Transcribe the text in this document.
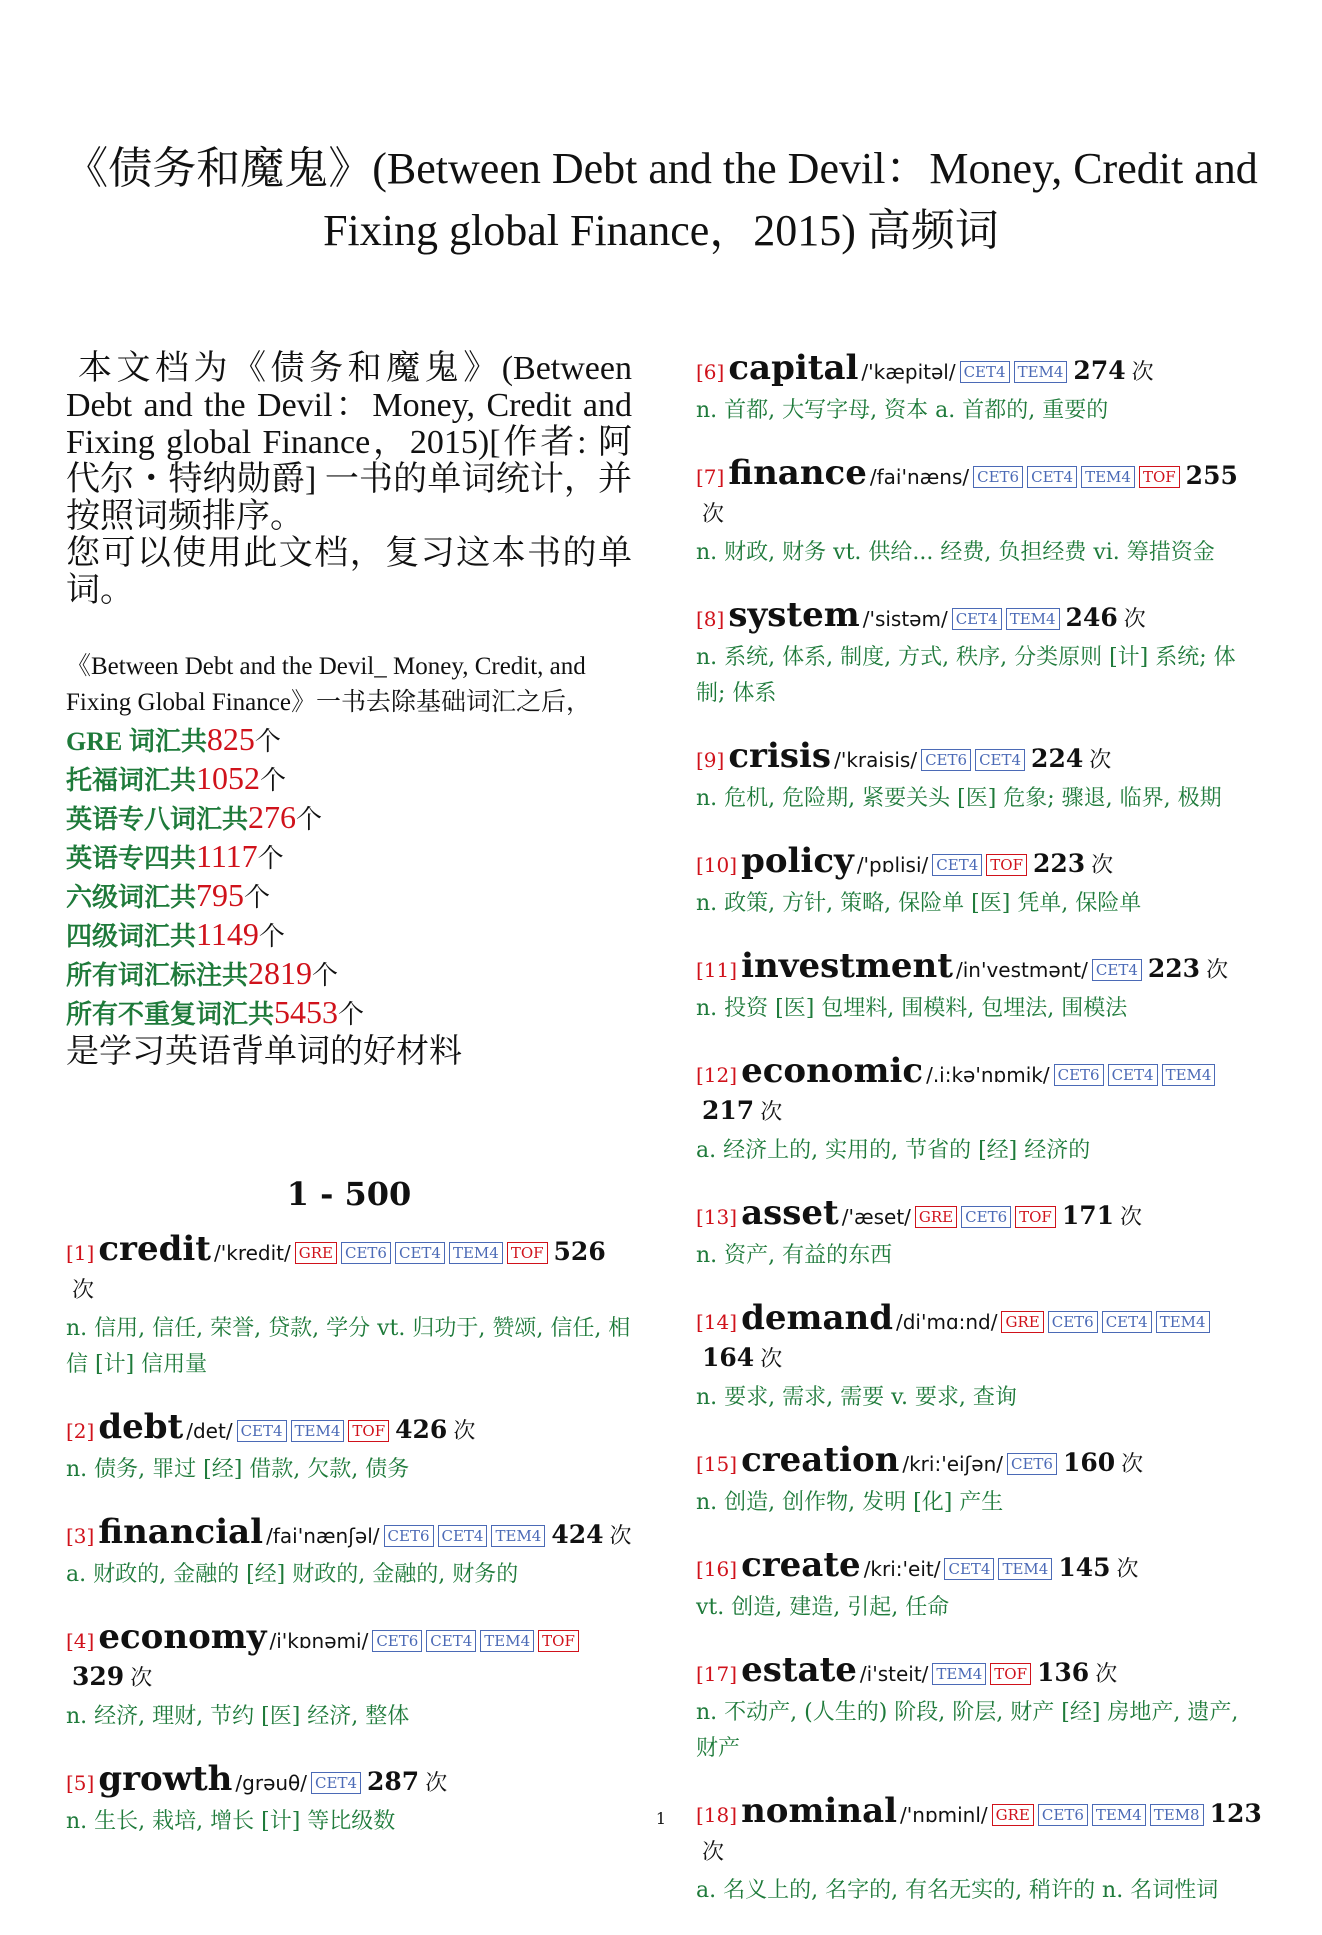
《债务和魔鬼》(Between Debt and the Devil：Money, Credit and
Fixing global Finance，2015) 高频词

本文档为《债务和魔鬼》(Between Debt and the Devil：Money, Credit and Fixing global Finance，2015)[作者: 阿代尔・特纳勋爵] 一书的单词统计，并按照词频排序。

您可以使用此文档，复习这本书的单词。

《Between Debt and the Devil_ Money, Credit, and Fixing Global Finance》一书去除基础词汇之后，
GRE 词汇共825个
托福词汇共1052个
英语专八词汇共276个
英语专四共1117个
六级词汇共795个
四级词汇共1149个
所有词汇标注共2819个
所有不重复词汇共5453个
是学习英语背单词的好材料
1 - 500
[1] credit /'kredit/ GRE CET6 CET4 TEM4 TOF 526次
n. 信用, 信任, 荣誉, 贷款, 学分 vt. 归功于, 赞颂, 信任, 相信 [计] 信用量
[2] debt /det/ CET4 TEM4 TOF 426 次
n. 债务, 罪过 [经] 借款, 欠款, 债务
[3] financial /fai'nænʃəl/ CET6 CET4 TEM4 424 次
a. 财政的, 金融的 [经] 财政的, 金融的, 财务的
[4] economy /i'kɒnəmi/ CET6 CET4 TEM4 TOF329 次
n. 经济, 理财, 节约 [医] 经济, 整体
[5] growth /grəuθ/ CET4 287 次
n. 生长, 栽培, 增长 [计] 等比级数
[6] capital /'kæpitəl/ CET4 TEM4 274 次
n. 首都, 大写字母, 资本 a. 首都的, 重要的
[7] finance /fai'næns/ CET6 CET4 TEM4 TOF 255次
n. 财政, 财务 vt. 供给... 经费, 负担经费 vi. 筹措资金
[8] system /'sistəm/ CET4 TEM4 246 次
n. 系统, 体系, 制度, 方式, 秩序, 分类原则 [计] 系统; 体制; 体系
[9] crisis /'kraisis/ CET6 CET4 224 次
n. 危机, 危险期, 紧要关头 [医] 危象; 骤退, 临界, 极期
[10] policy /'pɒlisi/ CET4 TOF 223 次
n. 政策, 方针, 策略, 保险单 [医] 凭单, 保险单
[11] investment /in'vestmənt/ CET4 223 次
n. 投资 [医] 包埋料, 围模料, 包埋法, 围模法
[12] economic /.i:kə'nɒmik/ CET6 CET4 TEM4217 次
a. 经济上的, 实用的, 节省的 [经] 经济的
[13] asset /'æset/ GRE CET6 TOF 171 次
n. 资产, 有益的东西
[14] demand /di'mɑ:nd/ GRE CET6 CET4 TEM4164 次
n. 要求, 需求, 需要 v. 要求, 查询
[15] creation /kri:'eiʃən/ CET6 160 次
n. 创造, 创作物, 发明 [化] 产生
[16] create /kri:'eit/ CET4 TEM4 145 次
vt. 创造, 建造, 引起, 任命
[17] estate /i'steit/ TEM4 TOF 136 次
n. 不动产, (人生的) 阶段, 阶层, 财产 [经] 房地产, 遗产, 财产
[18] nominal /'nɒminl/ GRE CET6 TEM4 TEM8 123次
a. 名义上的, 名字的, 有名无实的, 稍许的 n. 名词性词
1
